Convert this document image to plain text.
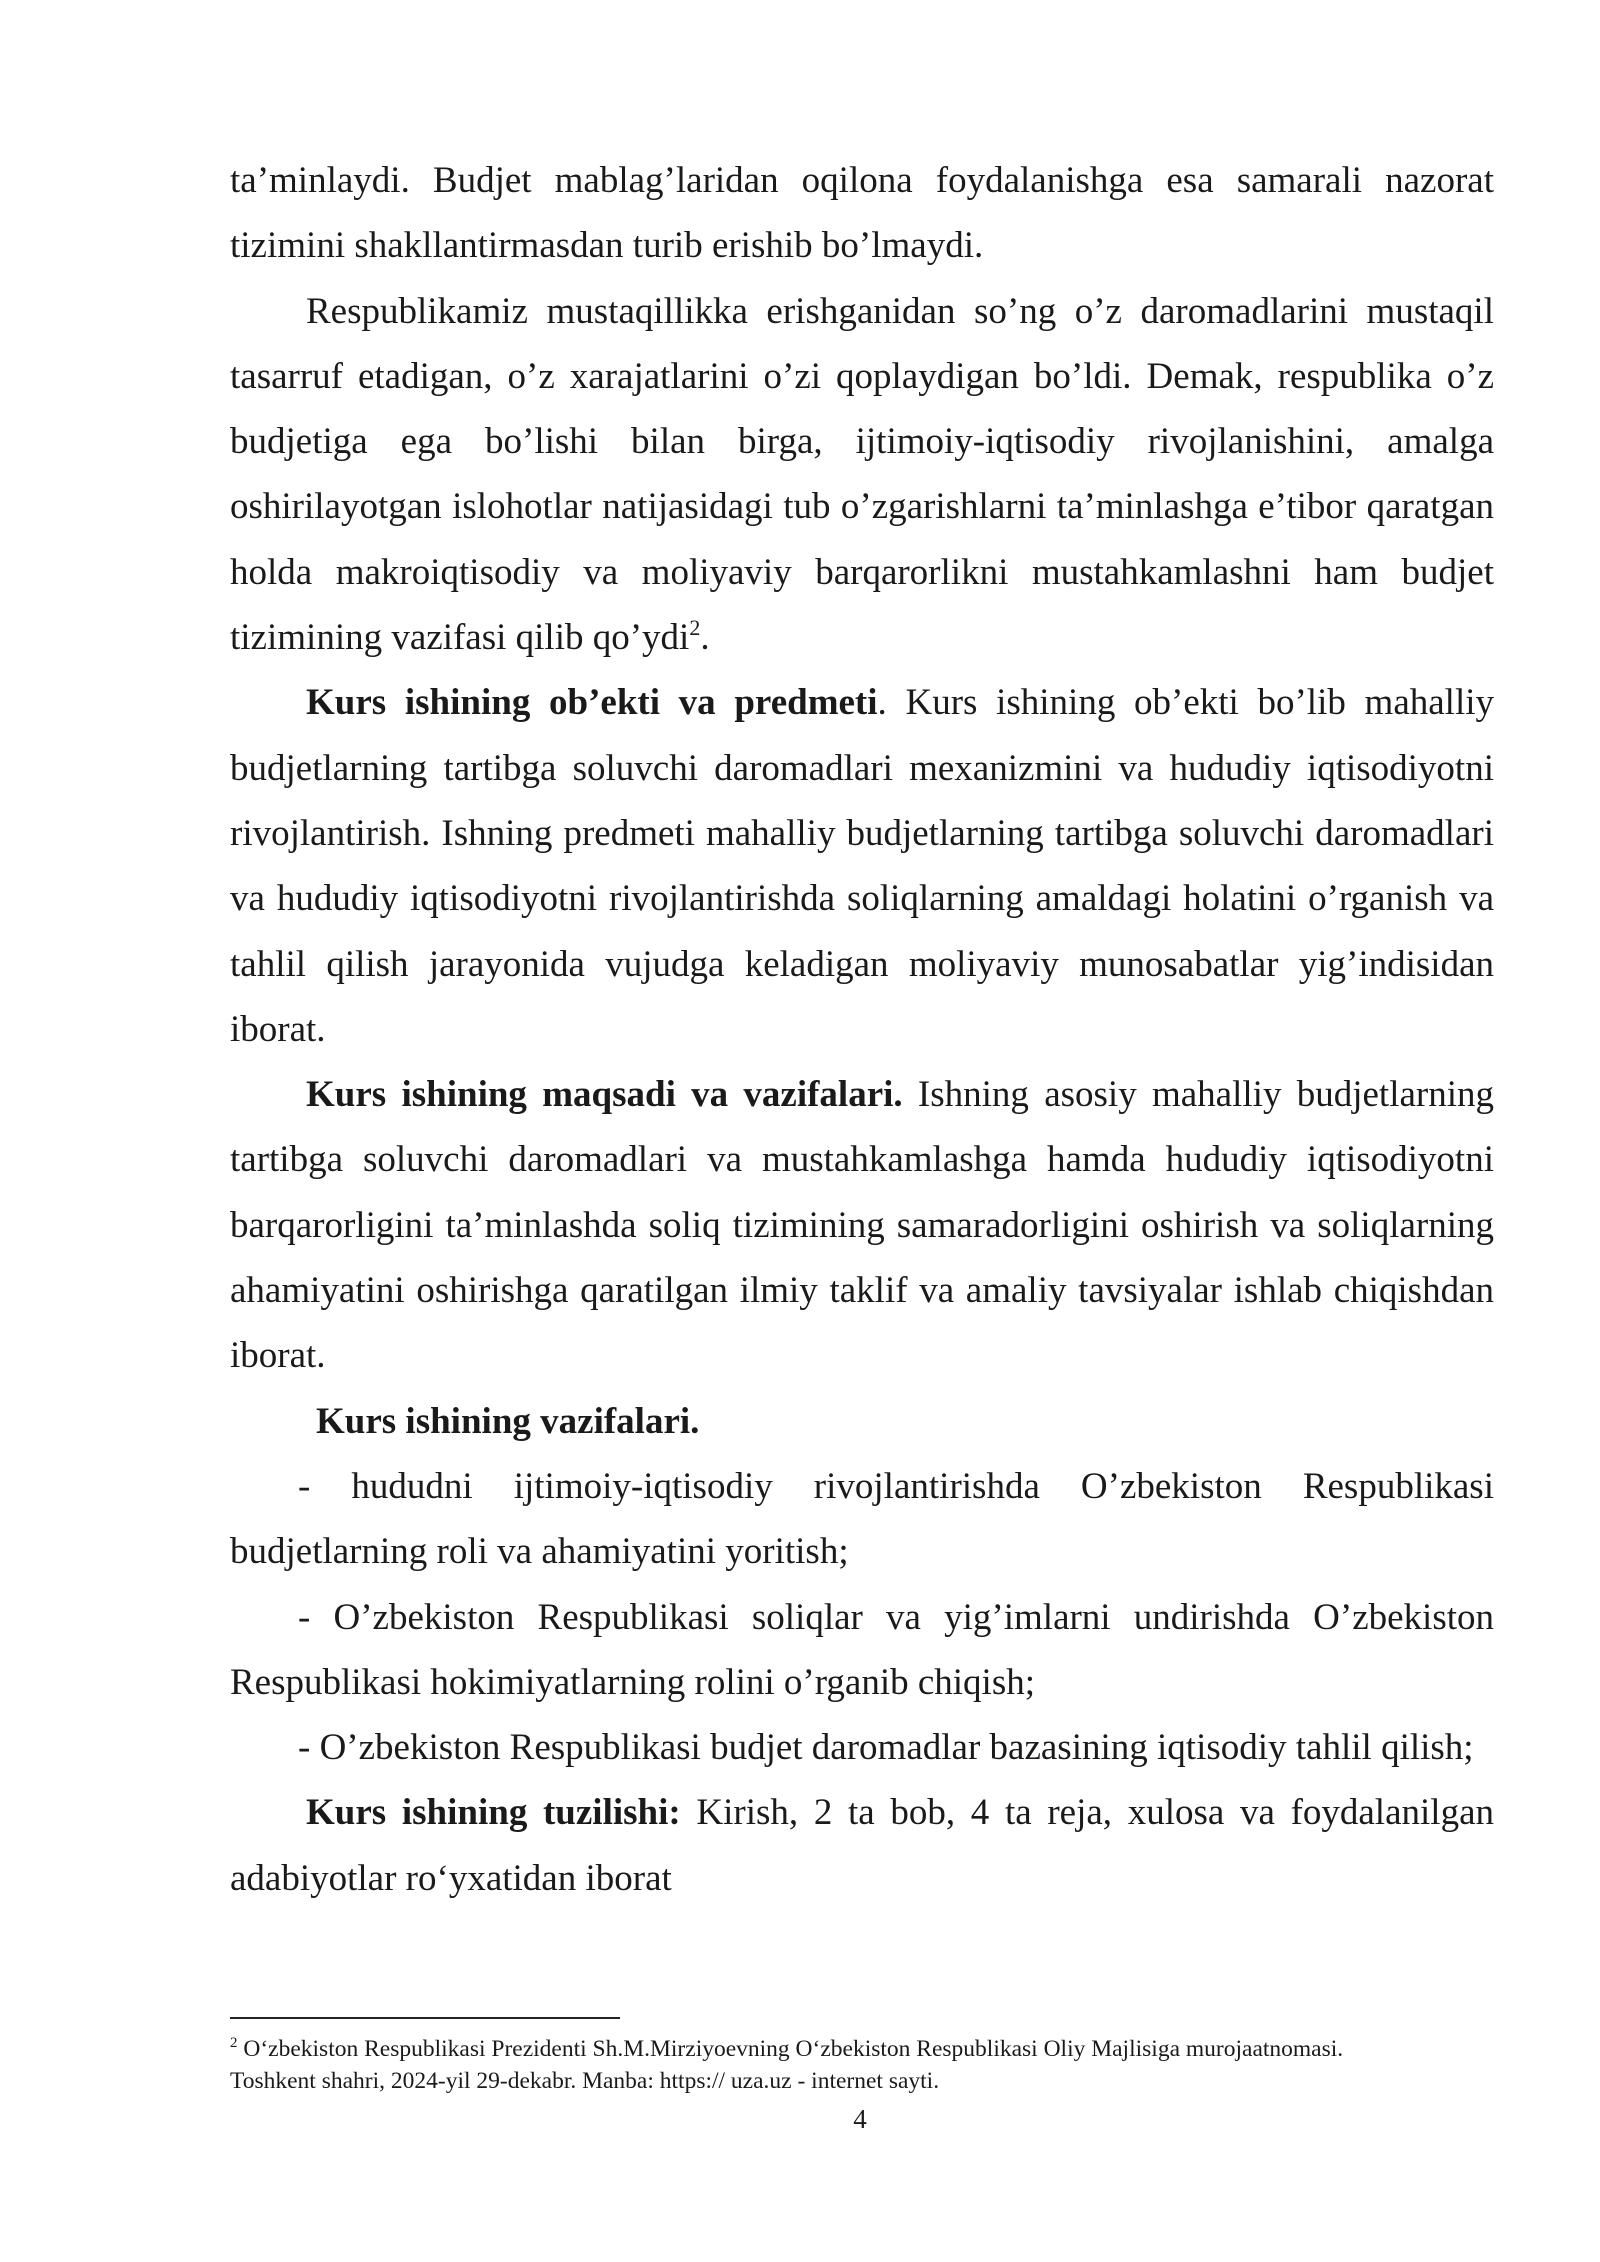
ta’minlaydi. Budjet mablag’laridan oqilona foydalanishga esa samarali nazorat tizimini shakllantirmasdan turib erishib bo’lmaydi.

Respublikamiz mustaqillikka erishganidan so’ng o’z daromadlarini mustaqil tasarruf etadigan, o’z xarajatlarini o’zi qoplaydigan bo’ldi. Demak, respublika o’z budjetiga ega bo’lishi bilan birga, ijtimoiy-iqtisodiy rivojlanishini, amalga oshirilayotgan islohotlar natijasidagi tub o’zgarishlarni ta’minlashga e’tibor qaratgan holda makroiqtisodiy va moliyaviy barqarorlikni mustahkamlashni ham budjet tizimining vazifasi qilib qo’ydi$^2$.

Kurs ishining ob’ekti va predmeti. Kurs ishining ob’ekti bo’lib mahalliy budjetlarning tartibga soluvchi daromadlari mexanizmini va hududiy iqtisodiyotni rivojlantirish. Ishning predmeti mahalliy budjetlarning tartibga soluvchi daromadlari va hududiy iqtisodiyotni rivojlantirishda soliqlarning amaldagi holatini o’rganish va tahlil qilish jarayonida vujudga keladigan moliyaviy munosabatlar yig’indisidan iborat.

Kurs ishining maqsadi va vazifalari. Ishning asosiy mahalliy budjetlarning tartibga soluvchi daromadlari va mustahkamlashga hamda hududiy iqtisodiyotni barqarorligini ta’minlashda soliq tizimining samaradorligini oshirish va soliqlarning ahamiyatini oshirishga qaratilgan ilmiy taklif va amaliy tavsiyalar ishlab chiqishdan iborat.

Kurs ishining vazifalari.

- hududni ijtimoiy-iqtisodiy rivojlantirishda O’zbekiston Respublikasi budjetlarning roli va ahamiyatini yoritish;

- O’zbekiston Respublikasi soliqlar va yig’imlarni undirishda O’zbekiston Respublikasi hokimiyatlarning rolini o’rganib chiqish;

- O’zbekiston Respublikasi budjet daromadlar bazasining iqtisodiy tahlil qilish;

Kurs ishining tuzilishi: Kirish, 2 ta bob, 4 ta reja, xulosa va foydalanilgan adabiyotlar ro‘yxatidan iborat

$^2$ O‘zbekiston Respublikasi Prezidenti Sh.M.Mirziyoevning O‘zbekiston Respublikasi Oliy Majlisiga murojaatnomasi. Toshkent shahri, 2024-yil 29-dekabr. Manba: https:// uza.uz - internet sayti.

4
